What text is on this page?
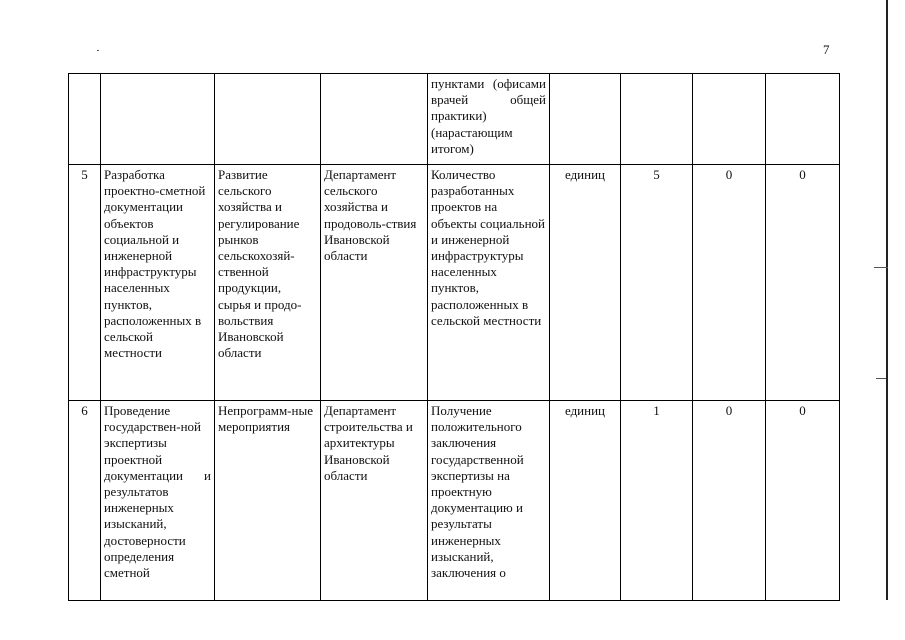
7
				пунктами (офисами врачей общей практики) (нарастающим итогом)				
5	Разработка проектно-сметной документации объектов социальной и инженерной инфраструктуры населенных пунктов, расположенных в сельской местности	Развитие сельского хозяйства и регулирование рынков сельскохозяй-ственной продукции, сырья и продо-вольствия Ивановской области	Департамент сельского хозяйства и продоволь-ствия Ивановской области	Количество разработанных проектов на объекты социальной и инженерной инфраструктуры населенных пунктов, расположенных в сельской местности	единиц	5	0	0
6	Проведение государствен-ной экспертизы проектной документации и результатов инженерных изысканий, достоверности определения сметной	Непрограмм-ные мероприятия	Департамент строительства и архитектуры Ивановской области	Получение положительного заключения государственной экспертизы на проектную документацию и результаты инженерных изысканий, заключения о	единиц	1	0	0
